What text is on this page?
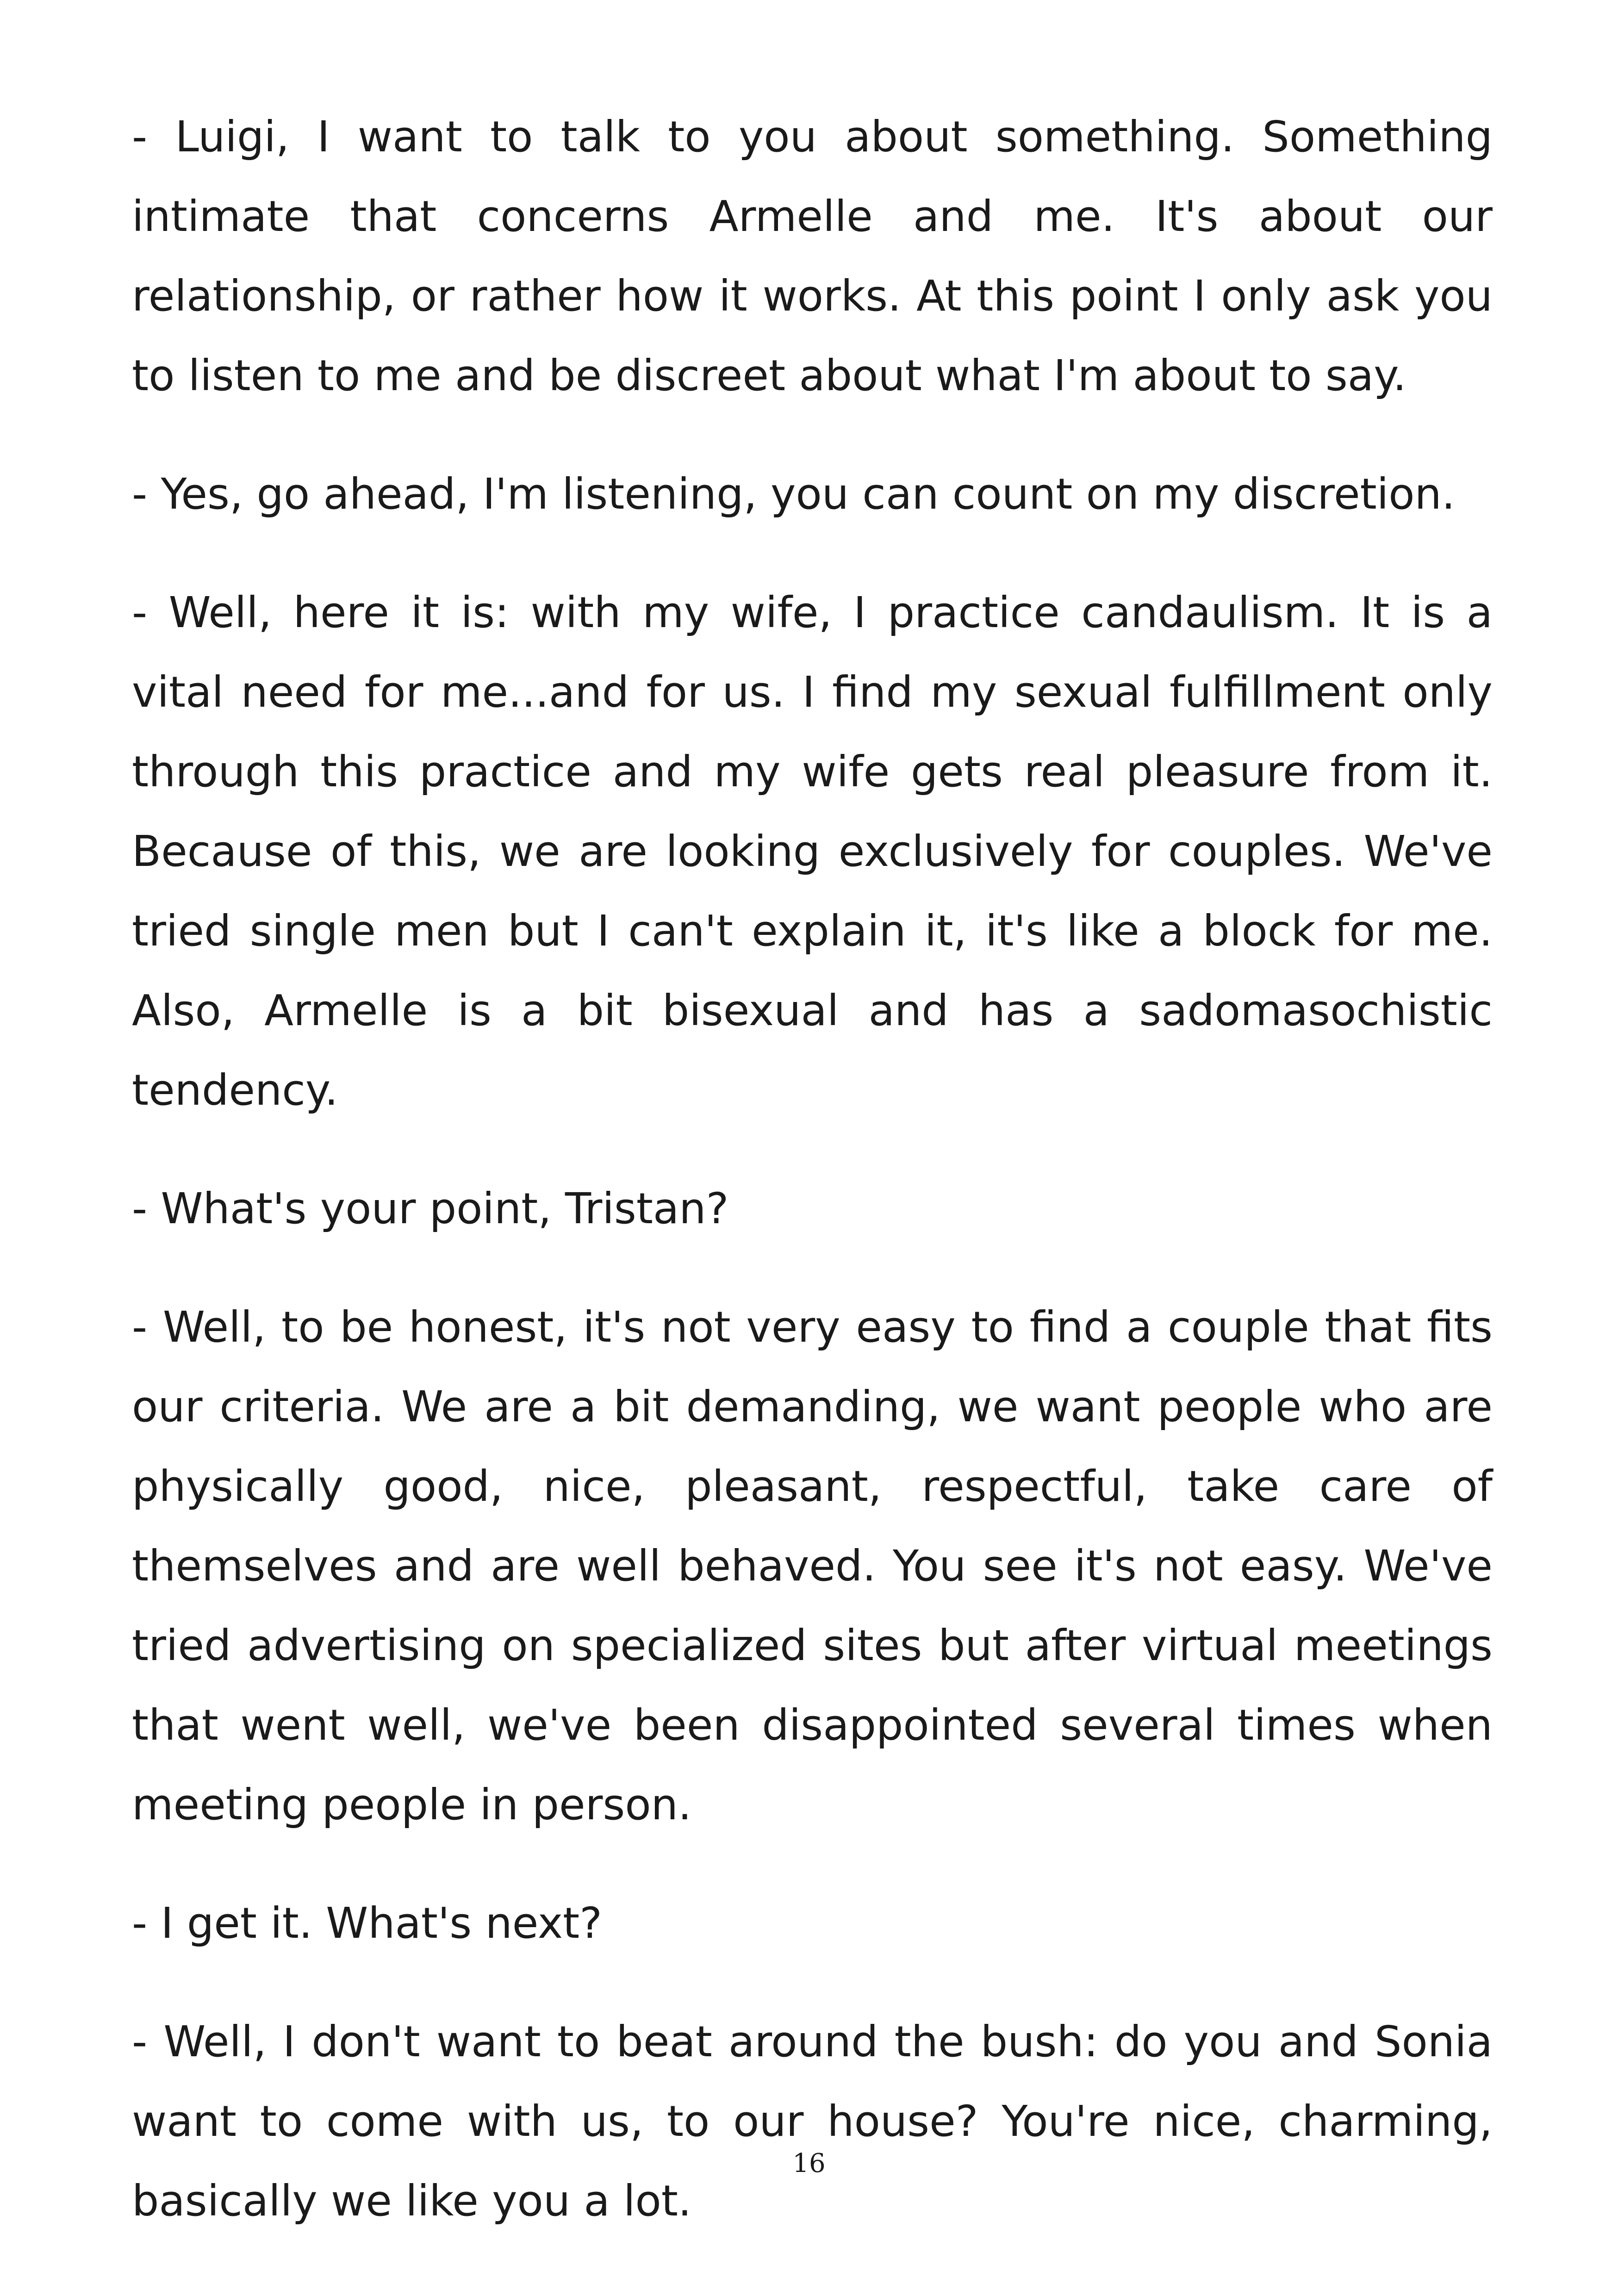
- Luigi, I want to talk to you about something. Something intimate that concerns Armelle and me. It's about our relationship, or rather how it works. At this point I only ask you to listen to me and be discreet about what I'm about to say.

- Yes, go ahead, I'm listening, you can count on my discretion.

- Well, here it is: with my wife, I practice candaulism. It is a vital need for me...and for us. I find my sexual fulfillment only through this practice and my wife gets real pleasure from it. Because of this, we are looking exclusively for couples. We've tried single men but I can't explain it, it's like a block for me. Also, Armelle is a bit bisexual and has a sadomasochistic tendency.

- What's your point, Tristan?

- Well, to be honest, it's not very easy to find a couple that fits our criteria. We are a bit demanding, we want people who are physically good, nice, pleasant, respectful, take care of themselves and are well behaved. You see it's not easy. We've tried advertising on specialized sites but after virtual meetings that went well, we've been disappointed several times when meeting people in person.

- I get it. What's next?

- Well, I don't want to beat around the bush: do you and Sonia want to come with us, to our house? You're nice, charming, basically we like you a lot.

16
